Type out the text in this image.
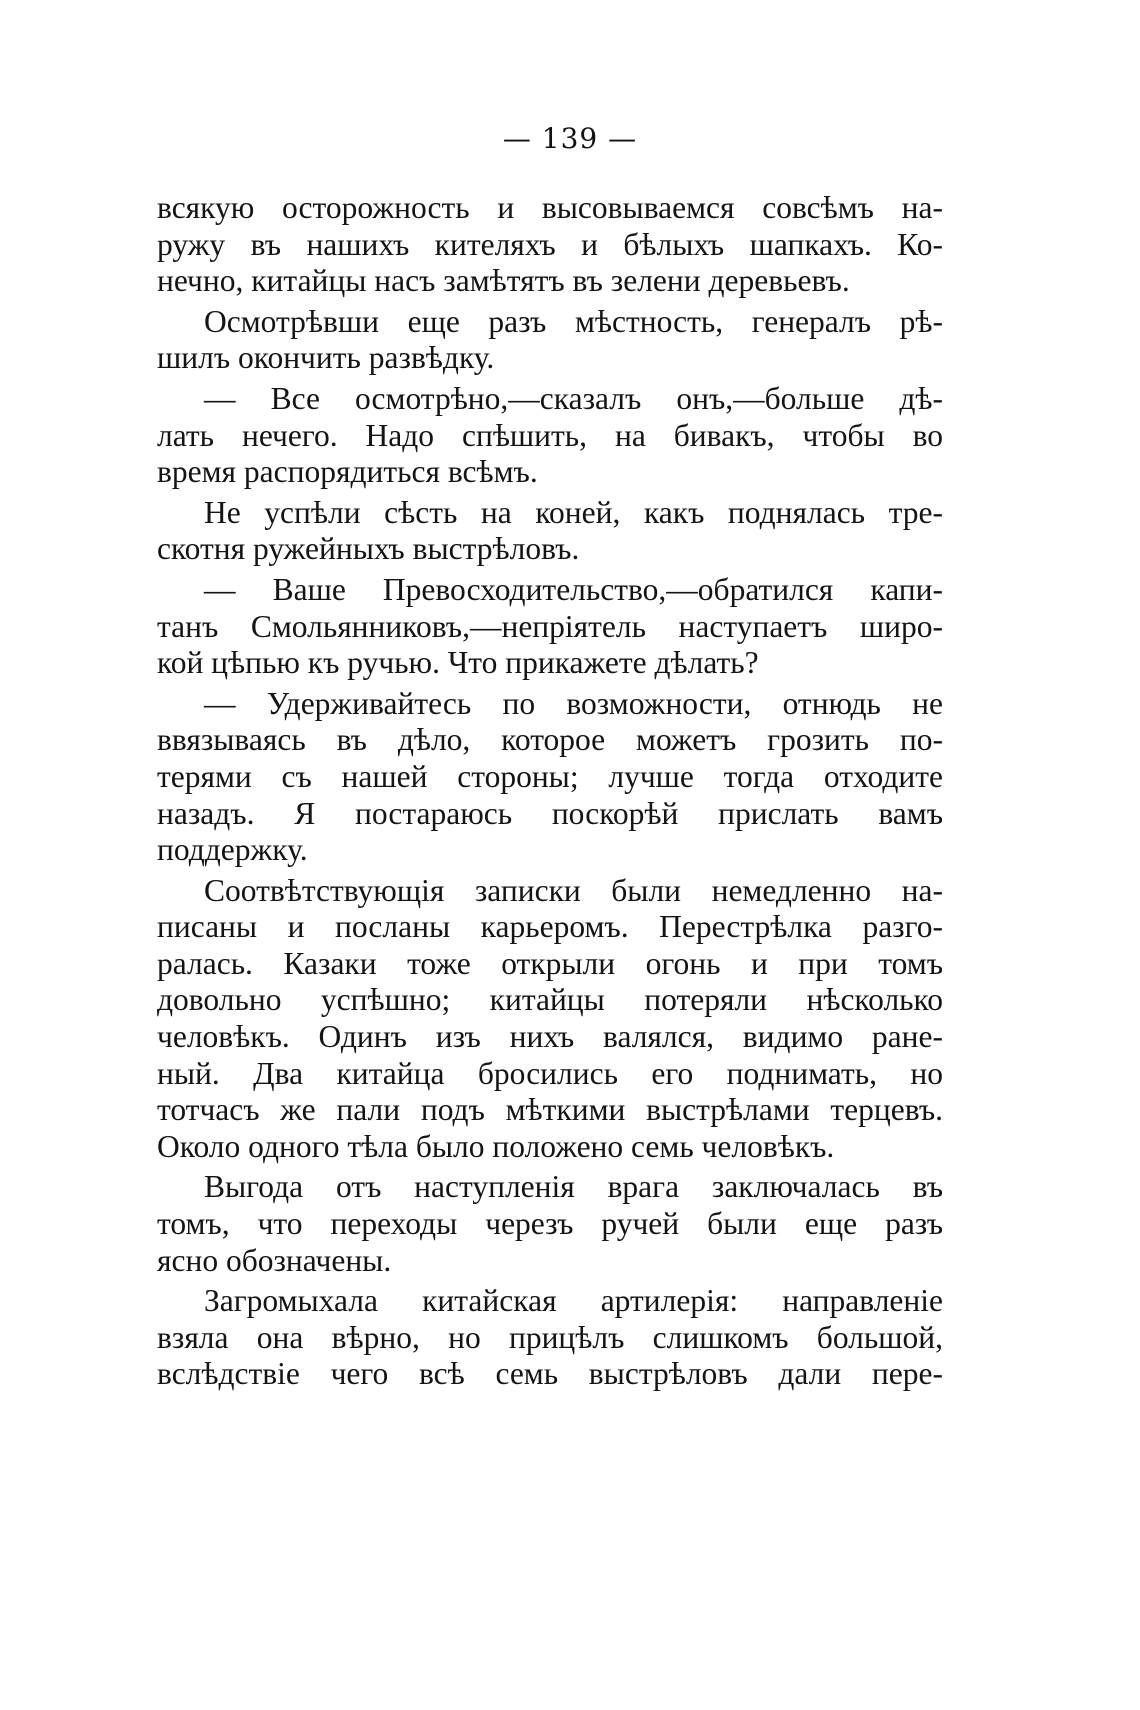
— 139 —
всякую осторожность и высовываемся совсѣмъ на-
ружу въ нашихъ кителяхъ и бѣлыхъ шапкахъ. Ко-
нечно, китайцы насъ замѣтятъ въ зелени деревьевъ.
Осмотрѣвши еще разъ мѣстность, генералъ рѣ-
шилъ окончить развѣдку.
— Все осмотрѣно,—сказалъ онъ,—больше дѣ-
лать нечего. Надо спѣшить, на бивакъ, чтобы во
время распорядиться всѣмъ.
Не успѣли сѣсть на коней, какъ поднялась тре-
скотня ружейныхъ выстрѣловъ.
— Ваше Превосходительство,—обратился капи-
танъ Смольянниковъ,—непріятель наступаетъ широ-
кой цѣпью къ ручью. Что прикажете дѣлать?
— Удерживайтесь по возможности, отнюдь не
ввязываясь въ дѣло, которое можетъ грозить по-
терями съ нашей стороны; лучше тогда отходите
назадъ. Я постараюсь поскорѣй прислать вамъ
поддержку.
Соотвѣтствующія записки были немедленно на-
писаны и посланы карьеромъ. Перестрѣлка разго-
ралась. Казаки тоже открыли огонь и при томъ
довольно успѣшно; китайцы потеряли нѣсколько
человѣкъ. Одинъ изъ нихъ валялся, видимо ране-
ный. Два китайца бросились его поднимать, но
тотчасъ же пали подъ мѣткими выстрѣлами терцевъ.
Около одного тѣла было положено семь человѣкъ.
Выгода отъ наступленія врага заключалась въ
томъ, что переходы черезъ ручей были еще разъ
ясно обозначены.
Загромыхала китайская артилерія: направленіе
взяла она вѣрно, но прицѣлъ слишкомъ большой,
вслѣдствіе чего всѣ семь выстрѣловъ дали пере-
